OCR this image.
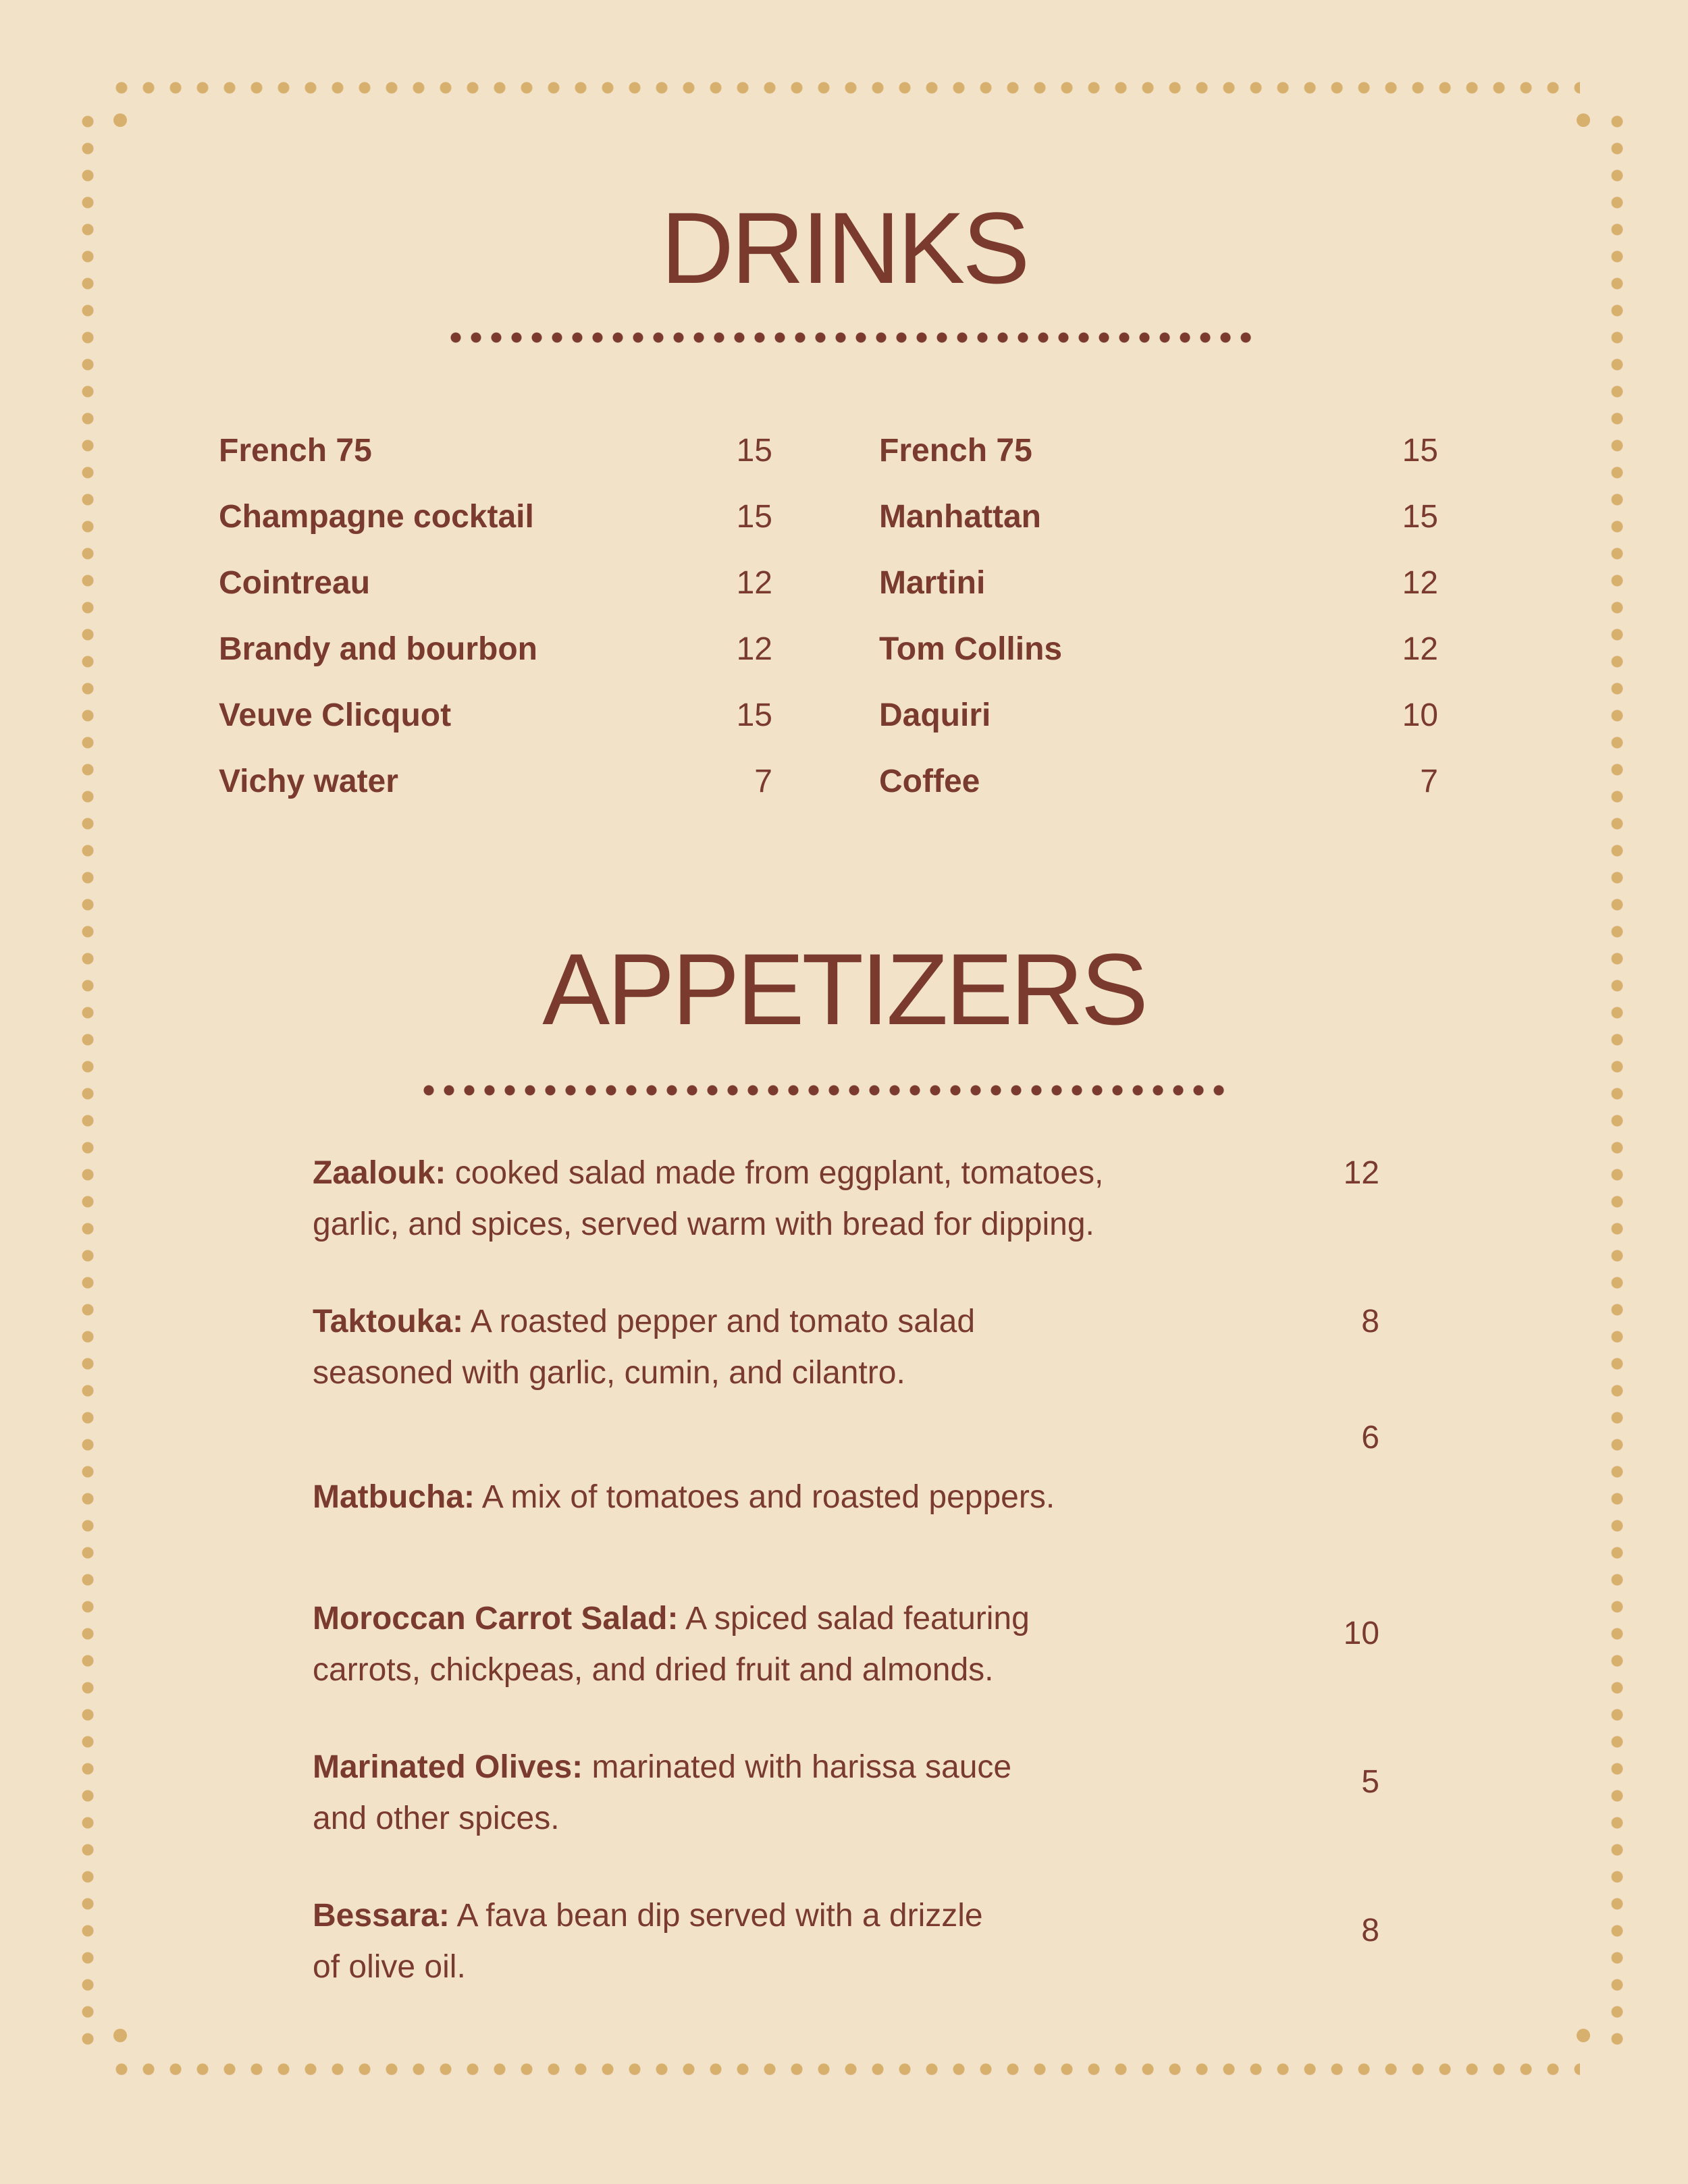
DRINKS
French 75	15
Champagne cocktail	15
Cointreau	12
Brandy and bourbon	12
Veuve Clicquot	15
Vichy water	7
French 75	15
Manhattan	15
Martini	12
Tom Collins	12
Daquiri	10
Coffee	7
APPETIZERS
Zaalouk: cooked salad made from eggplant, tomatoes,
garlic, and spices, served warm with bread for dipping.
12
Taktouka: A roasted pepper and tomato salad
seasoned with garlic, cumin, and cilantro.
8
Matbucha: A mix of tomatoes and roasted peppers.
6
Moroccan Carrot Salad: A spiced salad featuring
carrots, chickpeas, and dried fruit and almonds.
10
Marinated Olives: marinated with harissa sauce
and other spices.
5
Bessara: A fava bean dip served with a drizzle
of olive oil.
8
